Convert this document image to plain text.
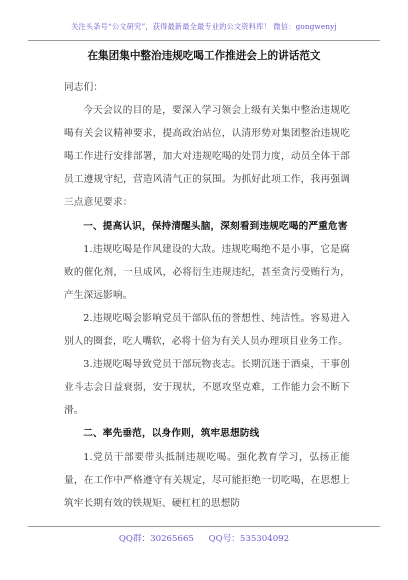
关注头条号“公文研究”，获得最新最全最专业的公文资料库！ 微信：gongwenyj
在集团集中整治违规吃喝工作推进会上的讲话范文

同志们：

今天会议的目的是，要深入学习领会上级有关集中整治违规吃喝有关会议精神要求，提高政治站位，认清形势对集团整治违规吃喝工作进行安排部署，加大对违规吃喝的处罚力度，动员全体干部员工遵规守纪，营造风清气正的氛围。为抓好此项工作，我再强调三点意见要求：

一、提高认识，保持清醒头脑，深刻看到违规吃喝的严重危害

1.违规吃喝是作风建设的大敌。违规吃喝绝不是小事，它是腐败的催化剂，一旦成风，必将衍生违规违纪，甚至贪污受贿行为，产生深远影响。

2.违规吃喝会影响党员干部队伍的誉想性、纯洁性。容易进入别人的圈套，吃人嘴软，必将十倍为有关人员办理项目业务工作。

3.违规吃喝导致党员干部玩物丧志。长期沉迷于酒桌，干事创业斗志会日益衰弱，安于现状，不愿攻坚克难，工作能力会不断下滑。

二、率先垂范，以身作则，筑牢思想防线

1.党员干部要带头抵制违规吃喝。强化教育学习，弘扬正能量，在工作中严格遵守有关规定，尽可能拒绝一切吃喝，在思想上筑牢长期有效的铁规矩、硬杠杠的思想防

QQ群：30265665 QQ号：535304092
